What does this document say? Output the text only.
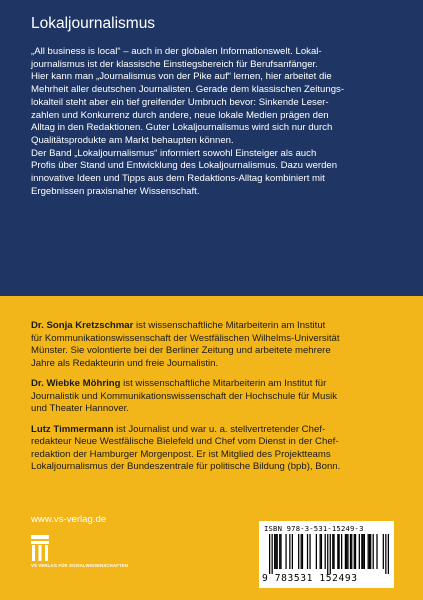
Lokaljournalismus
„All business is local“ – auch in der globalen Informationswelt. Lokal-
journalismus ist der klassische Einstiegsbereich für Berufsanfänger.
Hier kann man „Journalismus von der Pike auf“ lernen, hier arbeitet die
Mehrheit aller deutschen Journalisten. Gerade dem klassischen Zeitungs-
lokalteil steht aber ein tief greifender Umbruch bevor: Sinkende Leser-
zahlen und Konkurrenz durch andere, neue lokale Medien prägen den
Alltag in den Redaktionen. Guter Lokaljournalismus wird sich nur durch
Qualitätsprodukte am Markt behaupten können.
Der Band „Lokaljournalismus“ informiert sowohl Einsteiger als auch
Profis über Stand und Entwicklung des Lokaljournalismus. Dazu werden
innovative Ideen und Tipps aus dem Redaktions-Alltag kombiniert mit
Ergebnissen praxisnaher Wissenschaft.
Dr. Sonja Kretzschmar ist wissenschaftliche Mitarbeiterin am Institut
für Kommunikationswissenschaft der Westfälischen Wilhelms-Universität
Münster. Sie volontierte bei der Berliner Zeitung und arbeitete mehrere
Jahre als Redakteurin und freie Journalistin.
Dr. Wiebke Möhring ist wissenschaftliche Mitarbeiterin am Institut für
Journalistik und Kommunikationswissenschaft der Hochschule für Musik
und Theater Hannover.
Lutz Timmermann ist Journalist und war u. a. stellvertretender Chef-
redakteur Neue Westfälische Bielefeld und Chef vom Dienst in der Chef-
redaktion der Hamburger Morgenpost. Er ist Mitglied des Projektteams
Lokaljournalismus der Bundeszentrale für politische Bildung (bpb), Bonn.
www.vs-verlag.de
VS VERLAG FÜR SOZIALWISSENSCHAFTEN
ISBN 978-3-531-15249-3
9 783531 152493
